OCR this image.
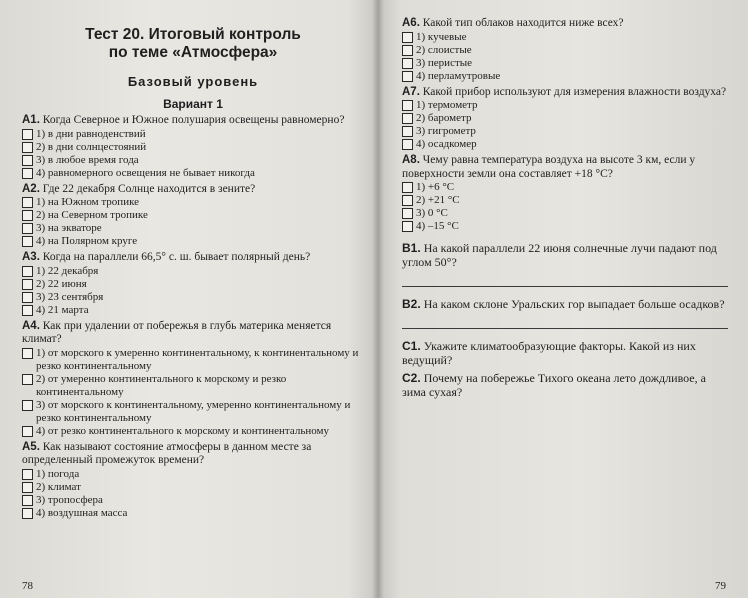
Тест 20. Итоговый контроль
по теме «Атмосфера»
Базовый уровень
Вариант 1
А1. Когда Северное и Южное полушария освещены равномерно?
1) в дни равноденствий
2) в дни солнцестояний
3) в любое время года
4) равномерного освещения не бывает никогда
А2. Где 22 декабря Солнце находится в зените?
1) на Южном тропике
2) на Северном тропике
3) на экваторе
4) на Полярном круге
А3. Когда на параллели 66,5° с. ш. бывает полярный день?
1) 22 декабря
2) 22 июня
3) 23 сентября
4) 21 марта
А4. Как при удалении от побережья в глубь материка меняется климат?
1) от морского к умеренно континентальному, к континентальному и резко континентальному
2) от умеренно континентального к морскому и резко континентальному
3) от морского к континентальному, умеренно континентальному и резко континентальному
4) от резко континентального к морскому и континентальному
А5. Как называют состояние атмосферы в данном месте за определенный промежуток времени?
1) погода
2) климат
3) тропосфера
4) воздушная масса
78
А6. Какой тип облаков находится ниже всех?
1) кучевые
2) слоистые
3) перистые
4) перламутровые
А7. Какой прибор используют для измерения влажности воздуха?
1) термометр
2) барометр
3) гигрометр
4) осадкомер
А8. Чему равна температура воздуха на высоте 3 км, если у поверхности земли она составляет +18 °С?
1) +6 °С
2) +21 °С
3) 0 °С
4) –15 °С
В1. На какой параллели 22 июня солнечные лучи падают под углом 50°?
В2. На каком склоне Уральских гор выпадает больше осадков?
С1. Укажите климатообразующие факторы. Какой из них ведущий?
С2. Почему на побережье Тихого океана лето дождливое, а зима сухая?
79
